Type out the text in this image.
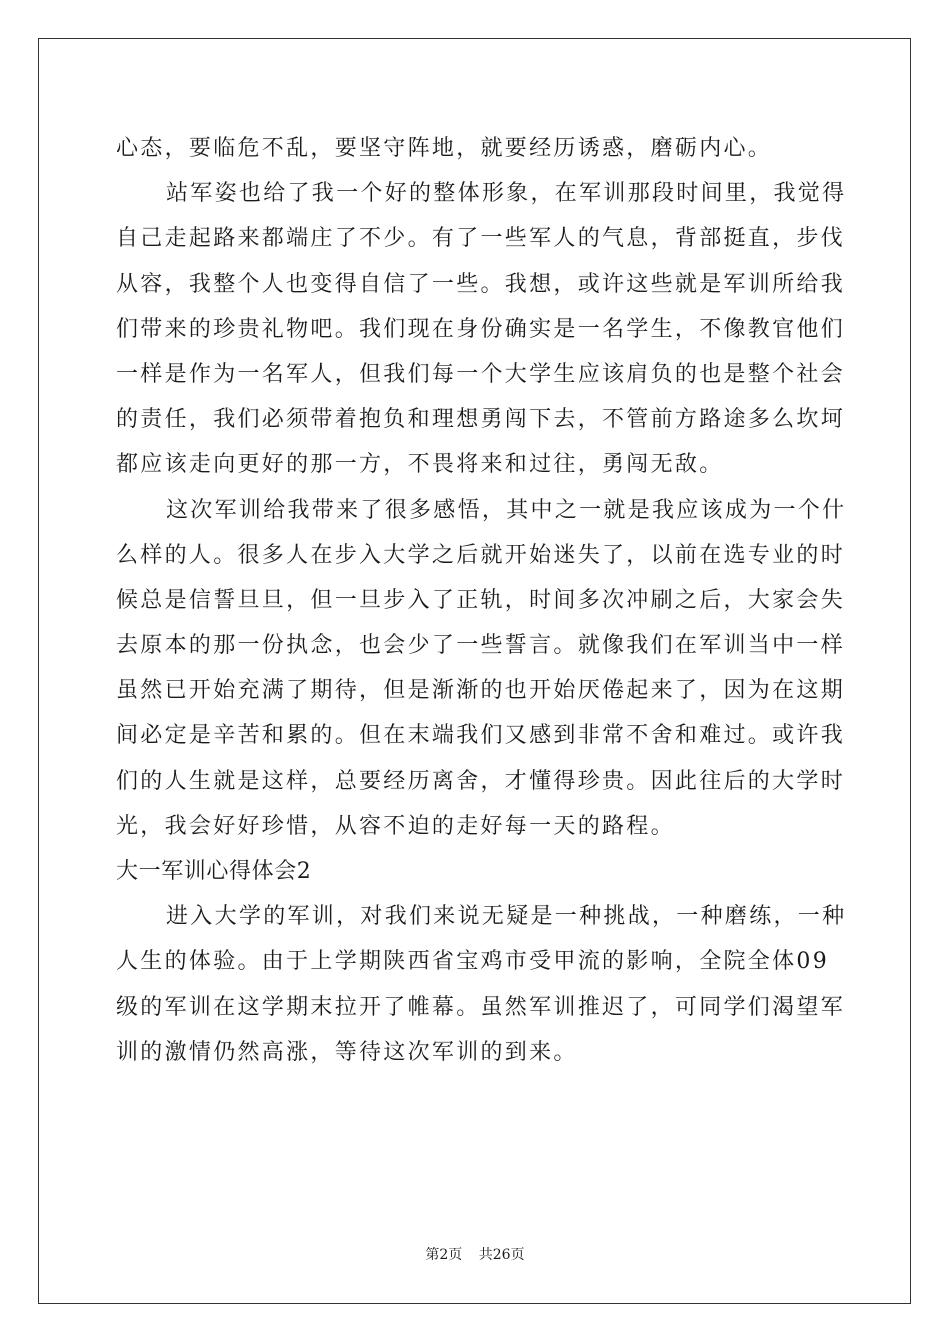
心态，要临危不乱，要坚守阵地，就要经历诱惑，磨砺内心。
站军姿也给了我一个好的整体形象，在军训那段时间里，我觉得
自己走起路来都端庄了不少。有了一些军人的气息，背部挺直，步伐
从容，我整个人也变得自信了一些。我想，或许这些就是军训所给我
们带来的珍贵礼物吧。我们现在身份确实是一名学生，不像教官他们
一样是作为一名军人，但我们每一个大学生应该肩负的也是整个社会
的责任，我们必须带着抱负和理想勇闯下去，不管前方路途多么坎坷
都应该走向更好的那一方，不畏将来和过往，勇闯无敌。
这次军训给我带来了很多感悟，其中之一就是我应该成为一个什
么样的人。很多人在步入大学之后就开始迷失了，以前在选专业的时
候总是信誓旦旦，但一旦步入了正轨，时间多次冲刷之后，大家会失
去原本的那一份执念，也会少了一些誓言。就像我们在军训当中一样
虽然已开始充满了期待，但是渐渐的也开始厌倦起来了，因为在这期
间必定是辛苦和累的。但在末端我们又感到非常不舍和难过。或许我
们的人生就是这样，总要经历离舍，才懂得珍贵。因此往后的大学时
光，我会好好珍惜，从容不迫的走好每一天的路程。
大一军训心得体会2
进入大学的军训，对我们来说无疑是一种挑战，一种磨练，一种
人生的体验。由于上学期陕西省宝鸡市受甲流的影响，全院全体09
级的军训在这学期末拉开了帷幕。虽然军训推迟了，可同学们渴望军
训的激情仍然高涨，等待这次军训的到来。
第2页 共26页
